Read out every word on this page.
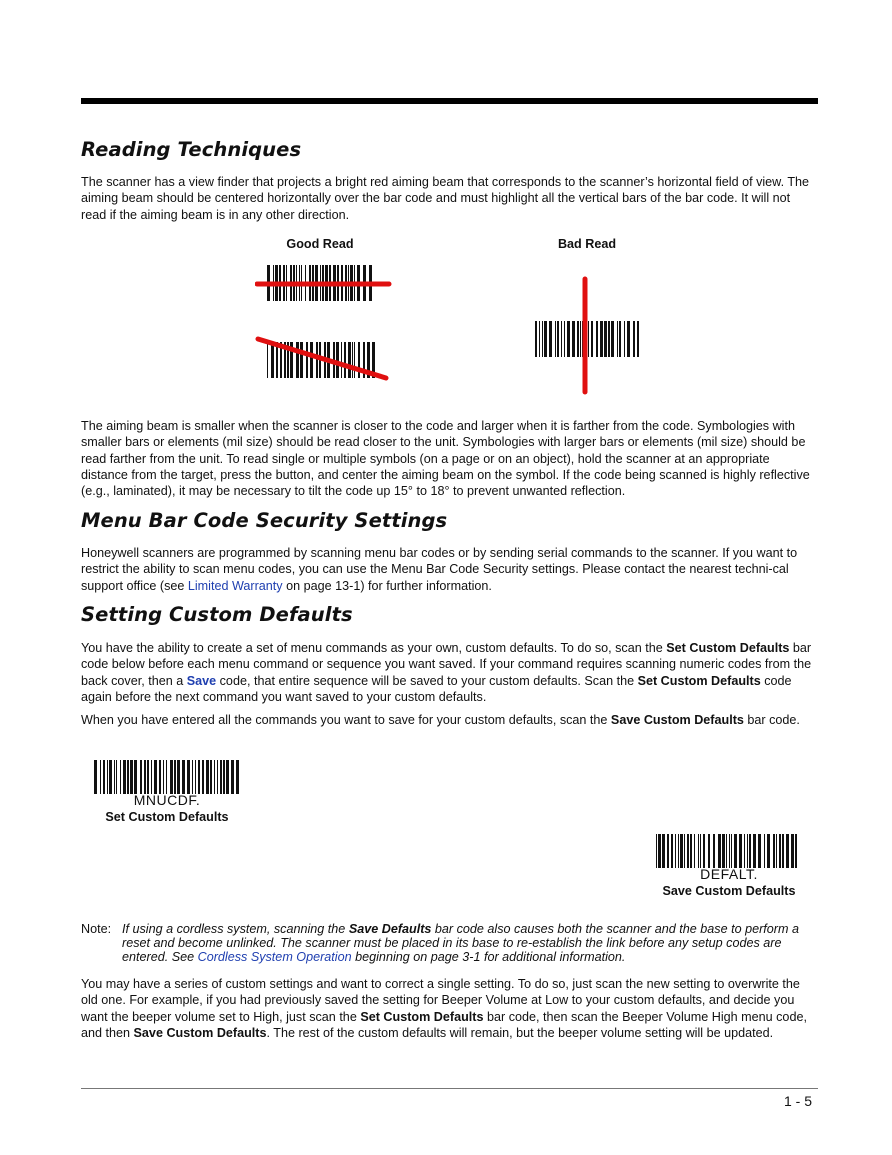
Reading Techniques

The scanner has a view finder that projects a bright red aiming beam that corresponds to the scanner’s horizontal field of view. The aiming beam should be centered horizontally over the bar code and must highlight all the vertical bars of the bar code. It will not read if the aiming beam is in any other direction.

Good Read	Bad Read

The aiming beam is smaller when the scanner is closer to the code and larger when it is farther from the code. Symbologies with smaller bars or elements (mil size) should be read closer to the unit. Symbologies with larger bars or elements (mil size) should be read farther from the unit. To read single or multiple symbols (on a page or on an object), hold the scanner at an appropriate distance from the target, press the button, and center the aiming beam on the symbol. If the code being scanned is highly reflective (e.g., laminated), it may be necessary to tilt the code up 15° to 18° to prevent unwanted reflection.

Menu Bar Code Security Settings

Honeywell scanners are programmed by scanning menu bar codes or by sending serial commands to the scanner. If you want to restrict the ability to scan menu codes, you can use the Menu Bar Code Security settings. Please contact the nearest techni-cal support office (see Limited Warranty on page 13-1) for further information.

Setting Custom Defaults

You have the ability to create a set of menu commands as your own, custom defaults. To do so, scan the Set Custom Defaults bar code below before each menu command or sequence you want saved. If your command requires scanning numeric codes from the back cover, then a Save code, that entire sequence will be saved to your custom defaults. Scan the Set Custom Defaults code again before the next command you want saved to your custom defaults.

When you have entered all the commands you want to save for your custom defaults, scan the Save Custom Defaults bar code.

MNUCDF.
Set Custom Defaults
DEFALT.
Save Custom Defaults
Note: If using a cordless system, scanning the Save Defaults bar code also causes both the scanner and the base to perform a reset and become unlinked. The scanner must be placed in its base to re-establish the link before any setup codes are entered. See Cordless System Operation beginning on page 3-1 for additional information.

You may have a series of custom settings and want to correct a single setting. To do so, just scan the new setting to overwrite the old one. For example, if you had previously saved the setting for Beeper Volume at Low to your custom defaults, and decide you want the beeper volume set to High, just scan the Set Custom Defaults bar code, then scan the Beeper Volume High menu code, and then Save Custom Defaults. The rest of the custom defaults will remain, but the beeper volume setting will be updated.

1 - 5
